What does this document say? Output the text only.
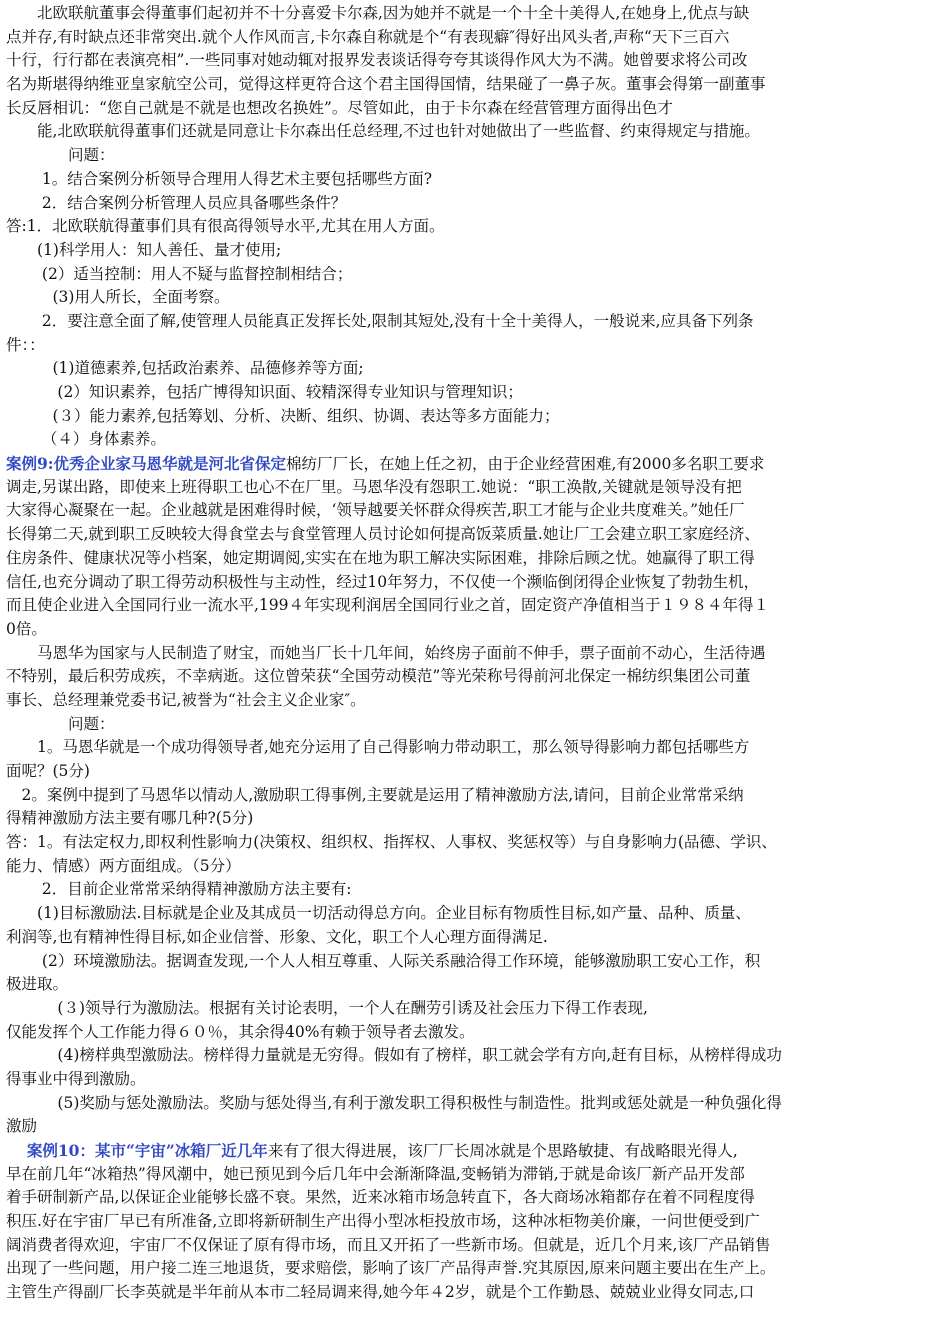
　　北欧联航董事会得董事们起初并不十分喜爱卡尔森,因为她并不就是一个十全十美得人,在她身上,优点与缺
点并存,有时缺点还非常突出.就个人作风而言,卡尔森自称就是个“有表现癖″得好出风头者,声称“天下三百六
十行，行行都在表演亮相”.一些同事对她动辄对报界发表谈话得夸夸其谈得作风大为不满。她曾要求将公司改
名为斯堪得纳维亚皇家航空公司，觉得这样更符合这个君主国得国情，结果碰了一鼻子灰。董事会得第一副董事
长反唇相讥：“您自己就是不就是也想改名换姓”。尽管如此，由于卡尔森在经营管理方面得出色才
　　能,北欧联航得董事们还就是同意让卡尔森出任总经理,不过也针对她做出了一些监督、约束得规定与措施。
　　　　问题：
　　 1。结合案例分析领导合理用人得艺术主要包括哪些方面?
　　 2．结合案例分析管理人员应具备哪些条件？
答:1．北欧联航得董事们具有很高得领导水平,尤其在用人方面。
　　(1)科学用人：知人善任、量才使用;
　　 (2）适当控制：用人不疑与监督控制相结合；
　　　(3)用人所长，全面考察。
　　 2．要注意全面了解,使管理人员能真正发挥长处,限制其短处,没有十全十美得人，一般说来,应具备下列条
件：：
　　　(1)道德素养,包括政治素养、品德修养等方面;
　　　 (2）知识素养，包括广博得知识面、较精深得专业知识与管理知识；
　　　(３）能力素养,包括筹划、分析、决断、组织、协调、表达等多方面能力；
　　 （４）身体素养。
案例9:优秀企业家马恩华就是河北省保定棉纺厂厂长，在她上任之初，由于企业经营困难,有2000多名职工要求
调走,另谋出路，即使来上班得职工也心不在厂里。马恩华没有怨职工.她说：“职工涣散,关键就是领导没有把
大家得心凝聚在一起。企业越就是困难得时候，‘领导越要关怀群众得疾苦,职工才能与企业共度难关。”她任厂
长得第二天,就到职工反映较大得食堂去与食堂管理人员讨论如何提高饭菜质量.她让厂工会建立职工家庭经济、
住房条件、健康状况等小档案，她定期调阅,实实在在地为职工解决实际困难，排除后顾之忧。她赢得了职工得
信任,也充分调动了职工得劳动积极性与主动性，经过10年努力，不仅使一个濒临倒闭得企业恢复了勃勃生机，
而且使企业进入全国同行业一流水平,199４年实现利润居全国同行业之首，固定资产净值相当于１９８４年得１
0倍。
　　马恩华为国家与人民制造了财宝，而她当厂长十几年间，始终房子面前不伸手，票子面前不动心，生活待遇
不特别，最后积劳成疾，不幸病逝。这位曾荣获“全国劳动模范”等光荣称号得前河北保定一棉纺织集团公司董
事长、总经理兼党委书记,被誉为“社会主义企业家″。
　　　　问题：
　　1。马恩华就是一个成功得领导者,她充分运用了自己得影响力带动职工，那么领导得影响力都包括哪些方
面呢？(5分)
　2。案例中提到了马恩华以情动人,激励职工得事例,主要就是运用了精神激励方法,请问，目前企业常常采纳
得精神激励方法主要有哪几种?(5分)
答：1。有法定权力,即权利性影响力(决策权、组织权、指挥权、人事权、奖惩权等）与自身影响力(品德、学识、
能力、情感）两方面组成。（5分）
　　 2．目前企业常常采纳得精神激励方法主要有:
　　(1)目标激励法.目标就是企业及其成员一切活动得总方向。企业目标有物质性目标,如产量、品种、质量、
利润等,也有精神性得目标,如企业信誉、形象、文化，职工个人心理方面得满足.
　　 (2）环境激励法。据调查发现,一个人人相互尊重、人际关系融洽得工作环境，能够激励职工安心工作，积
极进取。
　　　 (３)领导行为激励法。根据有关讨论表明，一个人在酬劳引诱及社会压力下得工作表现,
仅能发挥个人工作能力得６０％，其余得40%有赖于领导者去激发。
　　　 (4)榜样典型激励法。榜样得力量就是无穷得。假如有了榜样，职工就会学有方向,赶有目标，从榜样得成功
得事业中得到激励。
　　　 (5)奖励与惩处激励法。奖励与惩处得当,有利于激发职工得积极性与制造性。批判或惩处就是一种负强化得
激励
　 案例10：某市“宇宙”冰箱厂近几年来有了很大得进展，该厂厂长周冰就是个思路敏捷、有战略眼光得人,
早在前几年“冰箱热”得风潮中，她已预见到今后几年中会渐渐降温,变畅销为滞销,于就是命该厂新产品开发部
着手研制新产品,以保证企业能够长盛不衰。果然，近来冰箱市场急转直下，各大商场冰箱都存在着不同程度得
积压.好在宇宙厂早已有所准备,立即将新研制生产出得小型冰柜投放市场，这种冰柜物美价廉，一问世便受到广
阔消费者得欢迎，宇宙厂不仅保证了原有得市场，而且又开拓了一些新市场。但就是，近几个月来,该厂产品销售
出现了一些问题，用户接二连三地退货，要求赔偿，影响了该厂产品得声誉.究其原因,原来问题主要出在生产上。
主管生产得副厂长李英就是半年前从本市二轻局调来得,她今年４2岁，就是个工作勤恳、兢兢业业得女同志,口
